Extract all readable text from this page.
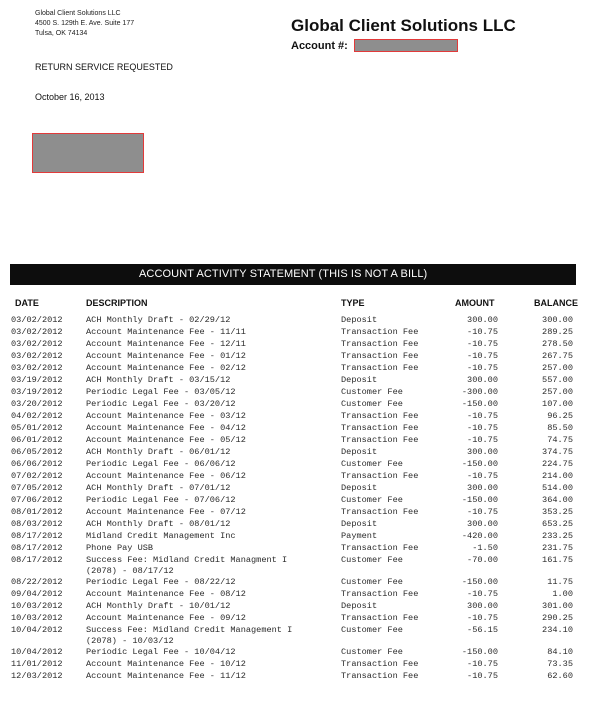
Global Client Solutions LLC
4500 S. 129th E. Ave. Suite 177
Tulsa, OK 74134	Global Client Solutions LLC
Account #:
RETURN SERVICE REQUESTED
October 16, 2013
ACCOUNT ACTIVITY STATEMENT (THIS IS NOT A BILL)
DATE	DESCRIPTION	TYPE	AMOUNT	BALANCE
03/02/2012	ACH Monthly Draft - 02/29/12	Deposit	300.00	300.00
03/02/2012	Account Maintenance Fee - 11/11	Transaction Fee	-10.75	289.25
03/02/2012	Account Maintenance Fee - 12/11	Transaction Fee	-10.75	278.50
03/02/2012	Account Maintenance Fee - 01/12	Transaction Fee	-10.75	267.75
03/02/2012	Account Maintenance Fee - 02/12	Transaction Fee	-10.75	257.00
03/19/2012	ACH Monthly Draft - 03/15/12	Deposit	300.00	557.00
03/19/2012	Periodic Legal Fee - 03/05/12	Customer Fee	-300.00	257.00
03/20/2012	Periodic Legal Fee - 03/20/12	Customer Fee	-150.00	107.00
04/02/2012	Account Maintenance Fee - 03/12	Transaction Fee	-10.75	96.25
05/01/2012	Account Maintenance Fee - 04/12	Transaction Fee	-10.75	85.50
06/01/2012	Account Maintenance Fee - 05/12	Transaction Fee	-10.75	74.75
06/05/2012	ACH Monthly Draft - 06/01/12	Deposit	300.00	374.75
06/06/2012	Periodic Legal Fee - 06/06/12	Customer Fee	-150.00	224.75
07/02/2012	Account Maintenance Fee - 06/12	Transaction Fee	-10.75	214.00
07/05/2012	ACH Monthly Draft - 07/01/12	Deposit	300.00	514.00
07/06/2012	Periodic Legal Fee - 07/06/12	Customer Fee	-150.00	364.00
08/01/2012	Account Maintenance Fee - 07/12	Transaction Fee	-10.75	353.25
08/03/2012	ACH Monthly Draft - 08/01/12	Deposit	300.00	653.25
08/17/2012	Midland Credit Management Inc	Payment	-420.00	233.25
08/17/2012	Phone Pay USB	Transaction Fee	-1.50	231.75
08/17/2012	Success Fee: Midland Credit Managment I	Customer Fee	-70.00	161.75
(2078) - 08/17/12
08/22/2012	Periodic Legal Fee - 08/22/12	Customer Fee	-150.00	11.75
09/04/2012	Account Maintenance Fee - 08/12	Transaction Fee	-10.75	1.00
10/03/2012	ACH Monthly Draft - 10/01/12	Deposit	300.00	301.00
10/03/2012	Account Maintenance Fee - 09/12	Transaction Fee	-10.75	290.25
10/04/2012	Success Fee: Midland Credit Management I	Customer Fee	-56.15	234.10
(2078) - 10/03/12
10/04/2012	Periodic Legal Fee - 10/04/12	Customer Fee	-150.00	84.10
11/01/2012	Account Maintenance Fee - 10/12	Transaction Fee	-10.75	73.35
12/03/2012	Account Maintenance Fee - 11/12	Transaction Fee	-10.75	62.60
